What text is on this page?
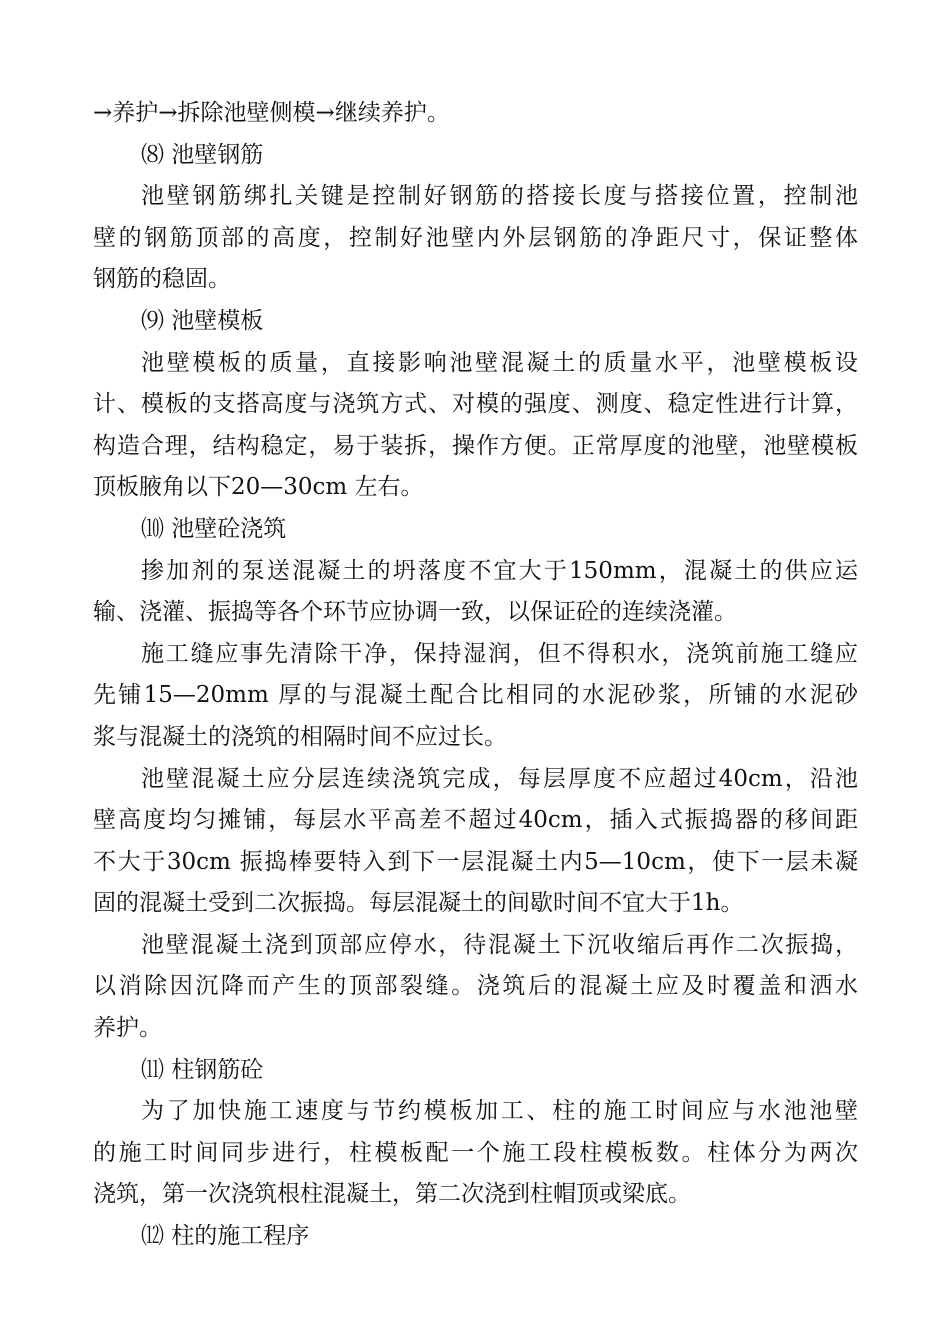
→养护→拆除池壁侧模→继续养护。
⑻ 池壁钢筋
池壁钢筋绑扎关键是控制好钢筋的搭接长度与搭接位置，控制池
壁的钢筋顶部的高度，控制好池壁内外层钢筋的净距尺寸，保证整体
钢筋的稳固。
⑼ 池壁模板
池壁模板的质量，直接影响池壁混凝土的质量水平，池壁模板设
计、模板的支搭高度与浇筑方式、对模的强度、测度、稳定性进行计算，
构造合理，结构稳定，易于装拆，操作方便。正常厚度的池壁，池壁模板
顶板腋角以下20—30cm 左右。
⑽ 池壁砼浇筑
掺加剂的泵送混凝土的坍落度不宜大于150mm，混凝土的供应运
输、浇灌、振捣等各个环节应协调一致，以保证砼的连续浇灌。
施工缝应事先清除干净，保持湿润，但不得积水，浇筑前施工缝应
先铺15—20mm 厚的与混凝土配合比相同的水泥砂浆，所铺的水泥砂
浆与混凝土的浇筑的相隔时间不应过长。
池壁混凝土应分层连续浇筑完成，每层厚度不应超过40cm，沿池
壁高度均匀摊铺，每层水平高差不超过40cm，插入式振捣器的移间距
不大于30cm 振捣棒要特入到下一层混凝土内5—10cm，使下一层未凝
固的混凝土受到二次振捣。每层混凝土的间歇时间不宜大于1h。
池壁混凝土浇到顶部应停水，待混凝土下沉收缩后再作二次振捣，
以消除因沉降而产生的顶部裂缝。浇筑后的混凝土应及时覆盖和洒水
养护。
⑾ 柱钢筋砼
为了加快施工速度与节约模板加工、柱的施工时间应与水池池壁
的施工时间同步进行，柱模板配一个施工段柱模板数。柱体分为两次
浇筑，第一次浇筑根柱混凝土，第二次浇到柱帽顶或梁底。
⑿ 柱的施工程序
